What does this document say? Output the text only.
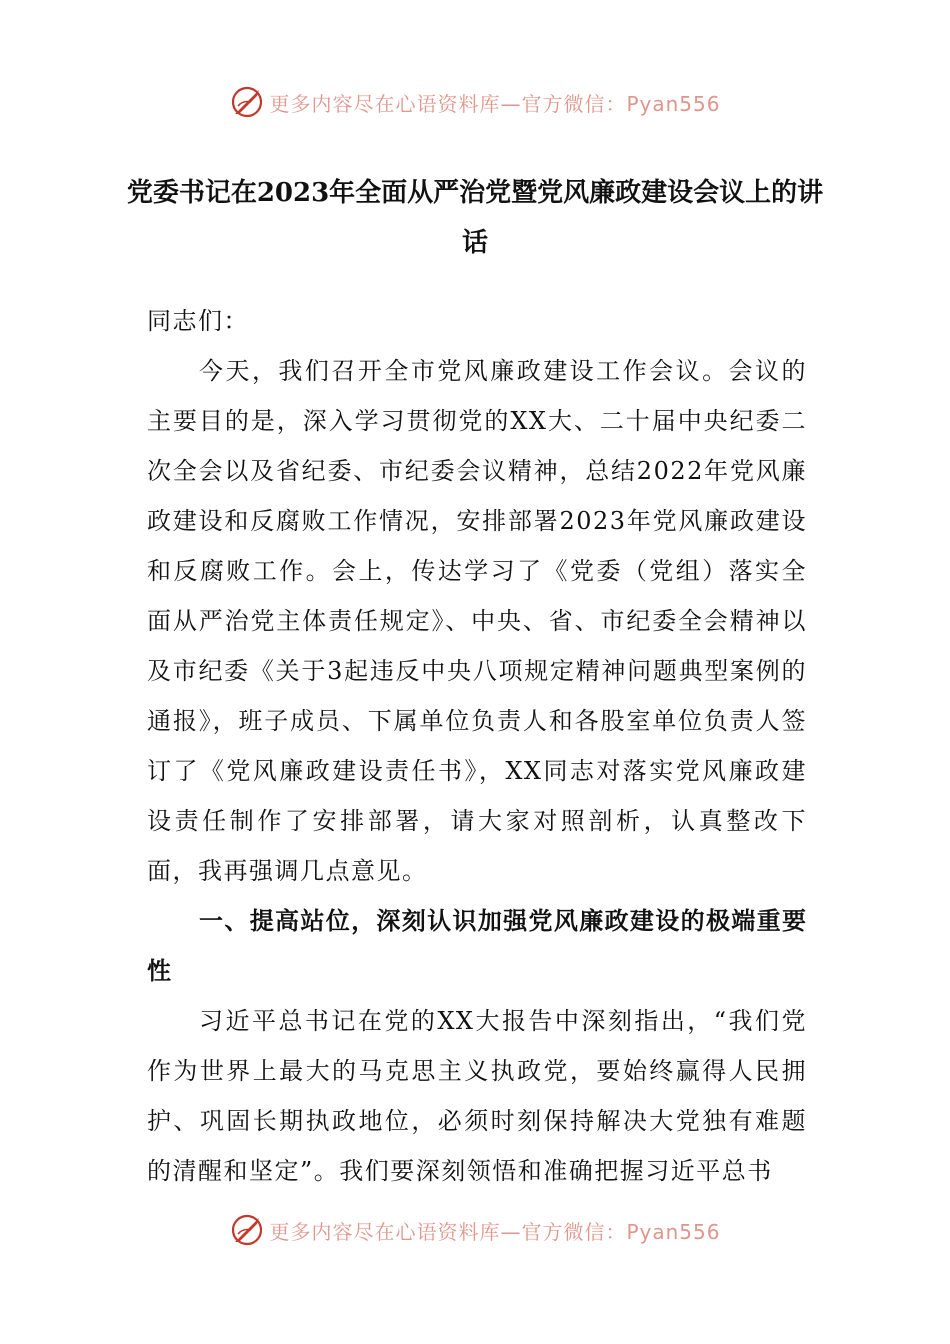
更多内容尽在心语资料库—官方微信：Pyan556
党委书记在2023年全面从严治党暨党风廉政建设会议上的讲话

同志们：

今天，我们召开全市党风廉政建设工作会议。会议的主要目的是，深入学习贯彻党的XX大、二十届中央纪委二次全会以及省纪委、市纪委会议精神，总结2022年党风廉政建设和反腐败工作情况，安排部署2023年党风廉政建设和反腐败工作。会上，传达学习了《党委（党组）落实全面从严治党主体责任规定》、中央、省、市纪委全会精神以及市纪委《关于3起违反中央八项规定精神问题典型案例的通报》，班子成员、下属单位负责人和各股室单位负责人签订了《党风廉政建设责任书》，XX同志对落实党风廉政建设责任制作了安排部署，请大家对照剖析，认真整改下面，我再强调几点意见。

一、提高站位，深刻认识加强党风廉政建设的极端重要性

习近平总书记在党的XX大报告中深刻指出，“我们党作为世界上最大的马克思主义执政党，要始终赢得人民拥护、巩固长期执政地位，必须时刻保持解决大党独有难题的清醒和坚定”。我们要深刻领悟和准确把握习近平总书

更多内容尽在心语资料库—官方微信：Pyan556
